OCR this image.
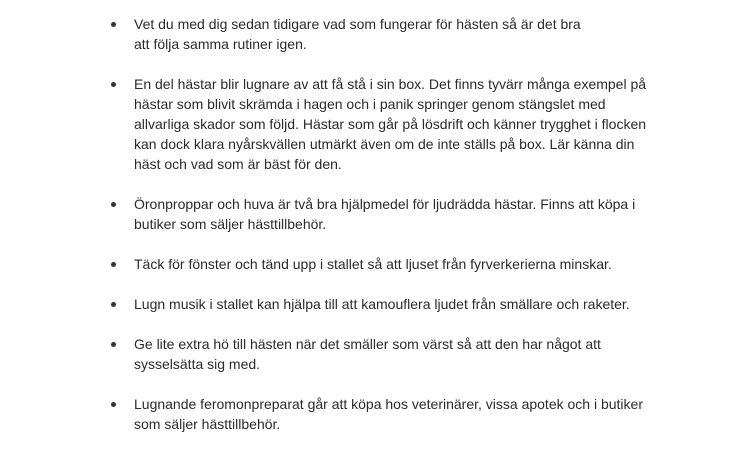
Vet du med dig sedan tidigare vad som fungerar för hästen så är det bra
att följa samma rutiner igen.
En del hästar blir lugnare av att få stå i sin box. Det finns tyvärr många exempel på hästar som blivit skrämda i hagen och i panik springer genom stängslet med allvarliga skador som följd. Hästar som går på lösdrift och känner trygghet i flocken kan dock klara nyårskvällen utmärkt även om de inte ställs på box. Lär känna din häst och vad som är bäst för den.
Öronproppar och huva är två bra hjälpmedel för ljudrädda hästar. Finns att köpa i butiker som säljer hästtillbehör.
Täck för fönster och tänd upp i stallet så att ljuset från fyrverkerierna minskar.
Lugn musik i stallet kan hjälpa till att kamouflera ljudet från smällare och raketer.
Ge lite extra hö till hästen när det smäller som värst så att den har något att sysselsätta sig med.
Lugnande feromonpreparat går att köpa hos veterinärer, vissa apotek och i butiker som säljer hästtillbehör.
